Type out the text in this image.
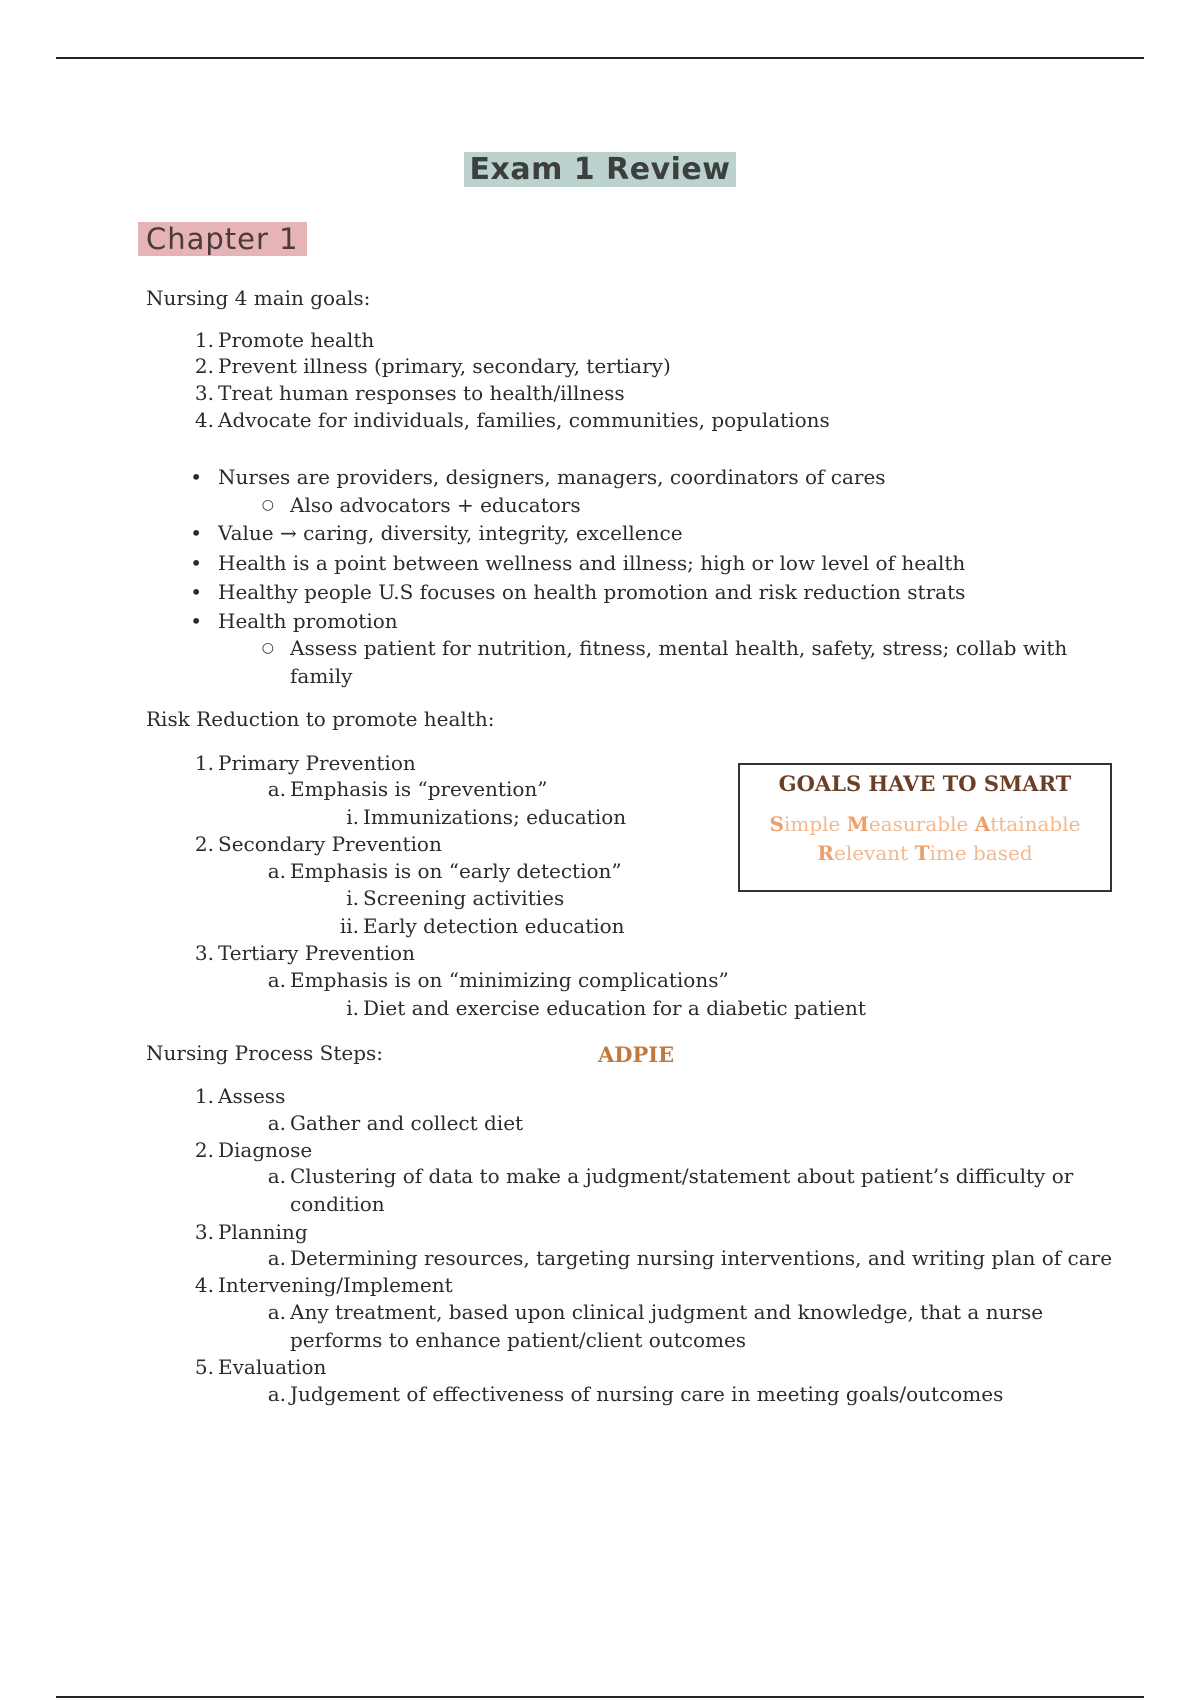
Exam 1 Review
Chapter 1
Nursing 4 main goals:
1. Promote health
2. Prevent illness (primary, secondary, tertiary)
3. Treat human responses to health/illness
4. Advocate for individuals, families, communities, populations
• Nurses are providers, designers, managers, coordinators of cares
○ Also advocators + educators
• Value → caring, diversity, integrity, excellence
• Health is a point between wellness and illness; high or low level of health
• Healthy people U.S focuses on health promotion and risk reduction strats
• Health promotion
○ Assess patient for nutrition, fitness, mental health, safety, stress; collab with
family
Risk Reduction to promote health:
1. Primary Prevention
a. Emphasis is “prevention”
i. Immunizations; education
2. Secondary Prevention
a. Emphasis is on “early detection”
i. Screening activities
ii. Early detection education
3. Tertiary Prevention
a. Emphasis is on “minimizing complications”
i. Diet and exercise education for a diabetic patient
GOALS HAVE TO SMART
Simple Measurable Attainable
Relevant Time based
Nursing Process Steps:	ADPIE
1. Assess
a. Gather and collect diet
2. Diagnose
a. Clustering of data to make a judgment/statement about patient’s difficulty or
condition
3. Planning
a. Determining resources, targeting nursing interventions, and writing plan of care
4. Intervening/Implement
a. Any treatment, based upon clinical judgment and knowledge, that a nurse
performs to enhance patient/client outcomes
5. Evaluation
a. Judgement of effectiveness of nursing care in meeting goals/outcomes
